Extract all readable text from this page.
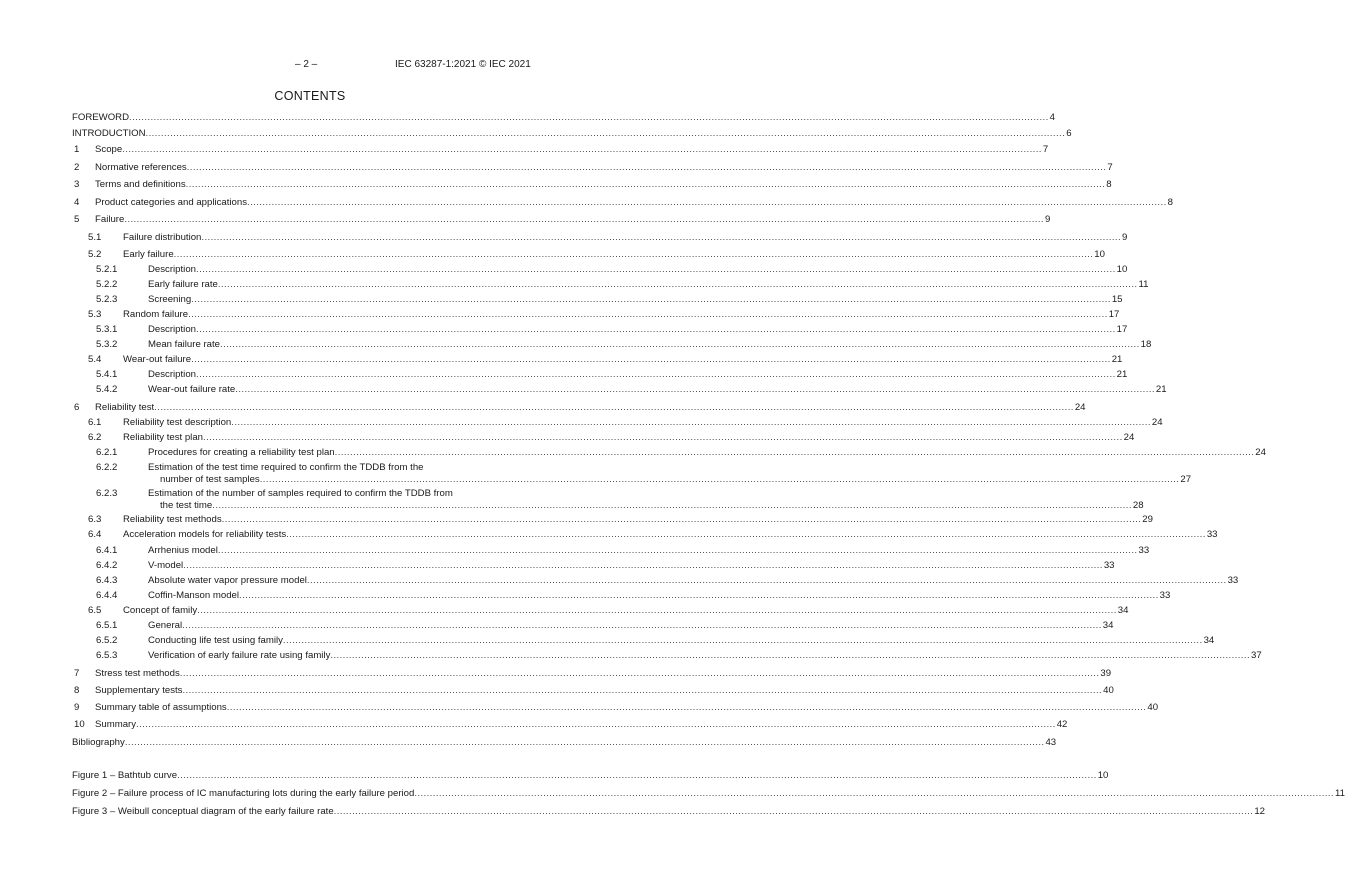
– 2 –	IEC 63287-1:2021 © IEC 2021
CONTENTS
FOREWORD ............................................................................................................................................................................................................................................................................................................ 4
INTRODUCTION ............................................................................................................................................................................................................................................................................................................ 6
1 Scope ............................................................................................................................................................................................................................................................................................................ 7
2 Normative references ............................................................................................................................................................................................................................................................................................................ 7
3 Terms and definitions ............................................................................................................................................................................................................................................................................................................ 8
4 Product categories and applications ............................................................................................................................................................................................................................................................................................................ 8
5 Failure ............................................................................................................................................................................................................................................................................................................ 9
5.1 Failure distribution ............................................................................................................................................................................................................................................................................................................ 9
5.2 Early failure ............................................................................................................................................................................................................................................................................................................ 10
5.2.1	Description ............................................................................................................................................................................................................................................................................................................ 10
5.2.2	Early failure rate ............................................................................................................................................................................................................................................................................................................ 11
5.2.3	Screening ............................................................................................................................................................................................................................................................................................................ 15
5.3 Random failure ............................................................................................................................................................................................................................................................................................................ 17
5.3.1	Description ............................................................................................................................................................................................................................................................................................................ 17
5.3.2	Mean failure rate ............................................................................................................................................................................................................................................................................................................ 18
5.4 Wear-out failure ............................................................................................................................................................................................................................................................................................................ 21
5.4.1	Description ............................................................................................................................................................................................................................................................................................................ 21
5.4.2	Wear-out failure rate ............................................................................................................................................................................................................................................................................................................ 21
6 Reliability test ............................................................................................................................................................................................................................................................................................................ 24
6.1 Reliability test description ............................................................................................................................................................................................................................................................................................................ 24
6.2 Reliability test plan ............................................................................................................................................................................................................................................................................................................ 24
6.2.1	Procedures for creating a reliability test plan ............................................................................................................................................................................................................................................................................................................ 24
6.2.2	Estimation of the test time required to confirm the TDDB from the
number of test samples ............................................................................................................................................................................................................................................................................................................ 27
6.2.3	Estimation of the number of samples required to confirm the TDDB from
the test time ............................................................................................................................................................................................................................................................................................................ 28
6.3 Reliability test methods ............................................................................................................................................................................................................................................................................................................ 29
6.4 Acceleration models for reliability tests ............................................................................................................................................................................................................................................................................................................ 33
6.4.1	Arrhenius model ............................................................................................................................................................................................................................................................................................................ 33
6.4.2	V-model ............................................................................................................................................................................................................................................................................................................ 33
6.4.3	Absolute water vapor pressure model ............................................................................................................................................................................................................................................................................................................ 33
6.4.4	Coffin-Manson model ............................................................................................................................................................................................................................................................................................................ 33
6.5 Concept of family ............................................................................................................................................................................................................................................................................................................ 34
6.5.1	General ............................................................................................................................................................................................................................................................................................................ 34
6.5.2	Conducting life test using family ............................................................................................................................................................................................................................................................................................................ 34
6.5.3	Verification of early failure rate using family ............................................................................................................................................................................................................................................................................................................ 37
7 Stress test methods ............................................................................................................................................................................................................................................................................................................ 39
8 Supplementary tests ............................................................................................................................................................................................................................................................................................................ 40
9 Summary table of assumptions ............................................................................................................................................................................................................................................................................................................ 40
10 Summary ............................................................................................................................................................................................................................................................................................................ 42
Bibliography ............................................................................................................................................................................................................................................................................................................ 43
Figure 1 – Bathtub curve ............................................................................................................................................................................................................................................................................................................ 10
Figure 2 – Failure process of IC manufacturing lots during the early failure period ............................................................................................................................................................................................................................................................................................................ 11
Figure 3 – Weibull conceptual diagram of the early failure rate ............................................................................................................................................................................................................................................................................................................ 12
